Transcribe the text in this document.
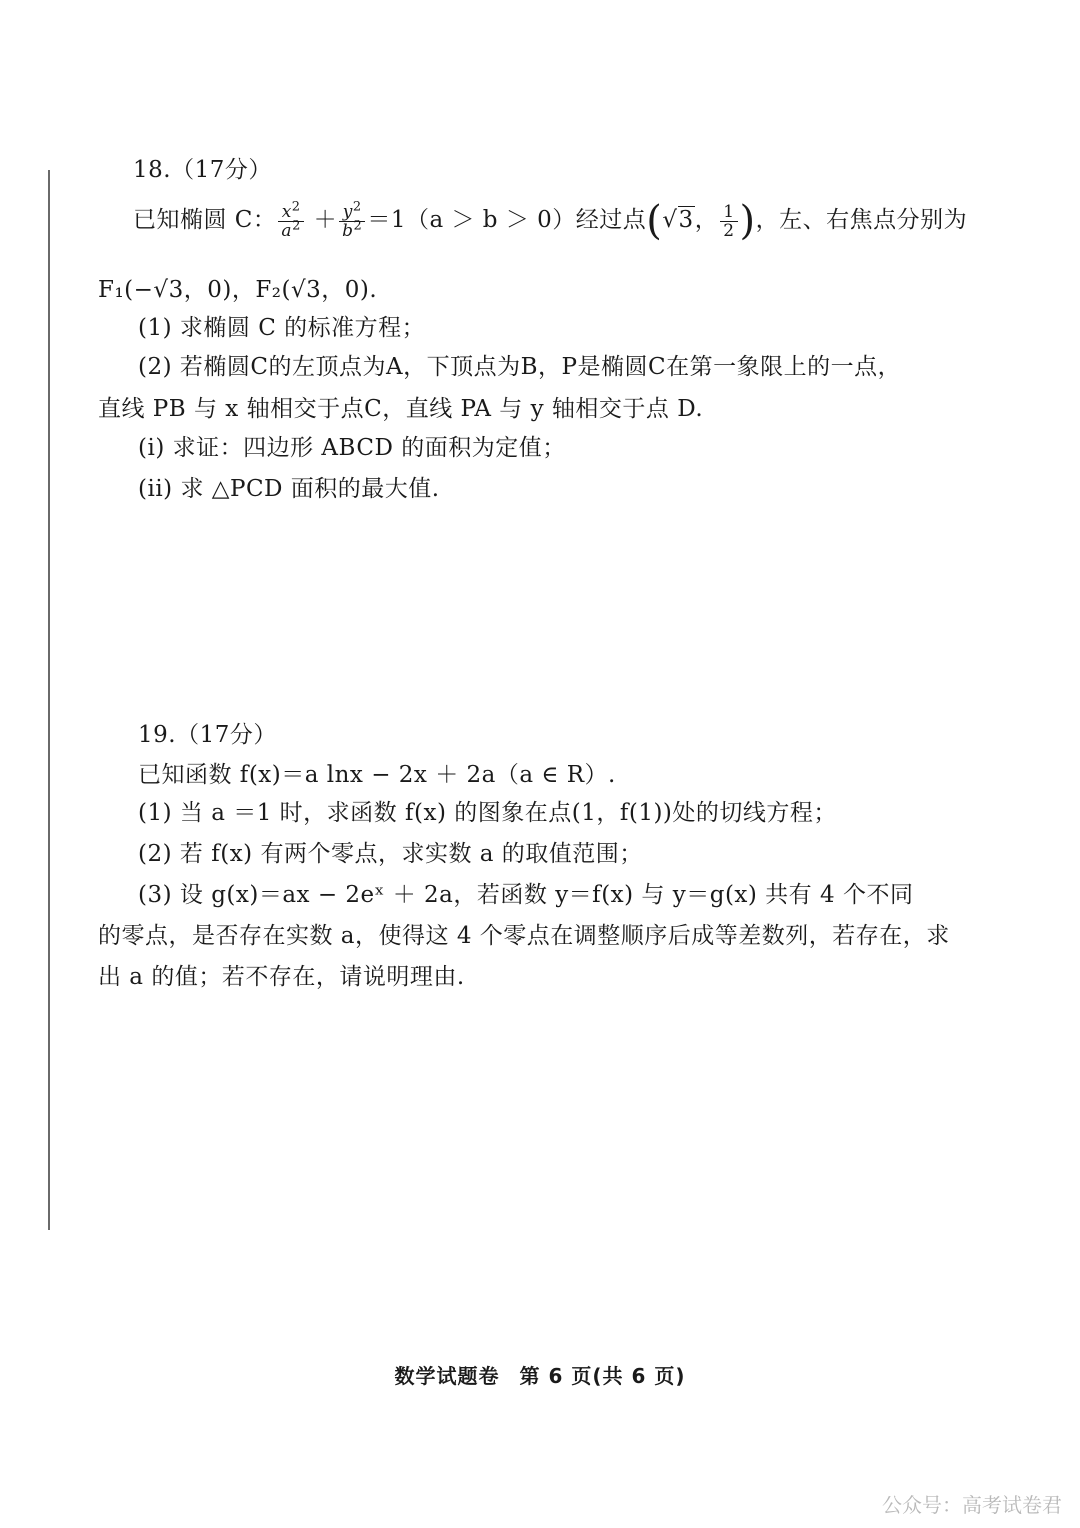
18.（17分）
已知椭圆 C： $\frac{x^2}{a^2} + \frac{y^2}{b^2} =1(a > b > 0)$经过点(√3， $\frac{1}{2}$ )，左、右焦点分别为
F₁(−√3，0)，F₂(√3，0).
(1) 求椭圆 C 的标准方程；
(2) 若椭圆C的左顶点为A，下顶点为B，P是椭圆C在第一象限上的一点，
直线 PB 与 x 轴相交于点C，直线 PA 与 y 轴相交于点 D.
(i) 求证：四边形 ABCD 的面积为定值；
(ii) 求 △PCD 面积的最大值.
19.（17分）
已知函数 f(x)＝a lnx − 2x ＋ 2a（a ∈ R）.
(1) 当 a ＝1 时，求函数 f(x) 的图象在点(1，f(1))处的切线方程；
(2) 若 f(x) 有两个零点，求实数 a 的取值范围；
(3) 设 g(x)＝ax − 2eˣ ＋ 2a，若函数 y＝f(x) 与 y＝g(x) 共有 4 个不同
的零点，是否存在实数 a，使得这 4 个零点在调整顺序后成等差数列，若存在，求
出 a 的值；若不存在，请说明理由.
数学试题卷 第 6 页(共 6 页)
公众号：高考试卷君
